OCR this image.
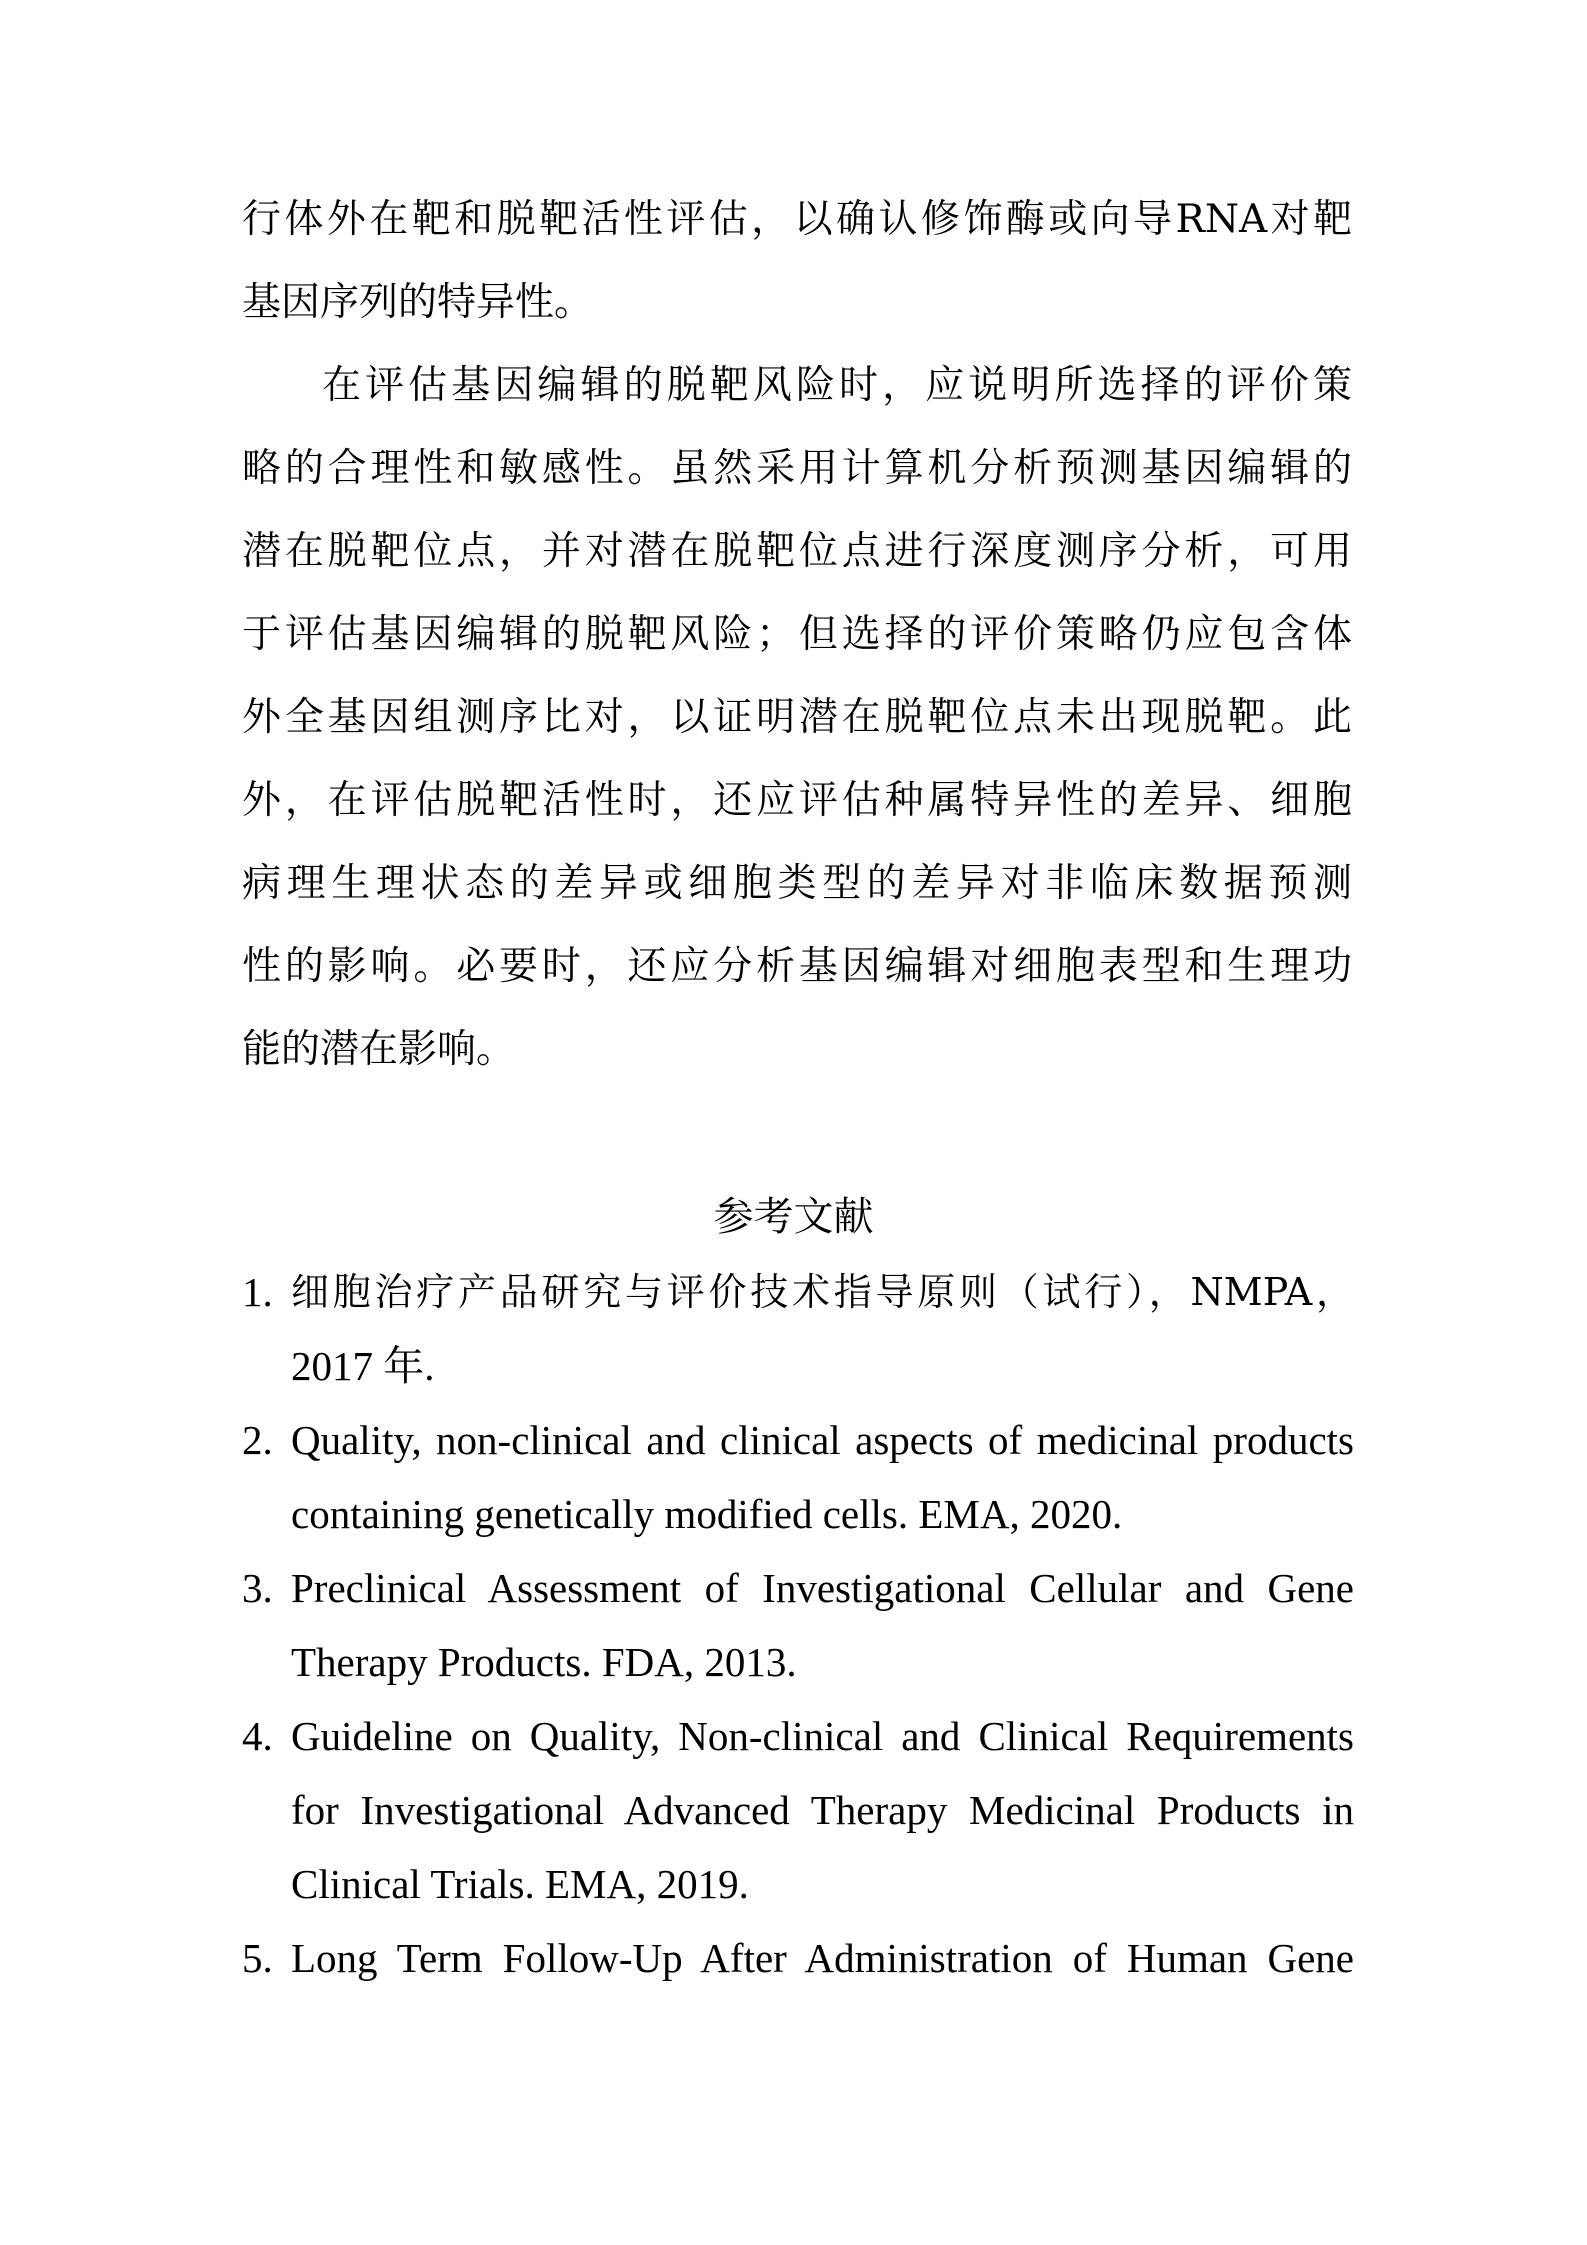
行体外在靶和脱靶活性评估，以确认修饰酶或向导RNA对靶
基因序列的特异性。
在评估基因编辑的脱靶风险时，应说明所选择的评价策
略的合理性和敏感性。虽然采用计算机分析预测基因编辑的
潜在脱靶位点，并对潜在脱靶位点进行深度测序分析，可用
于评估基因编辑的脱靶风险；但选择的评价策略仍应包含体
外全基因组测序比对，以证明潜在脱靶位点未出现脱靶。此
外，在评估脱靶活性时，还应评估种属特异性的差异、细胞
病理生理状态的差异或细胞类型的差异对非临床数据预测
性的影响。必要时，还应分析基因编辑对细胞表型和生理功
能的潜在影响。
参考文献
1. 细胞治疗产品研究与评价技术指导原则（试行），NMPA，
2017 年.
2. Quality, non-clinical and clinical aspects of medicinal products
containing genetically modified cells. EMA, 2020.
3. Preclinical Assessment of Investigational Cellular and Gene
Therapy Products. FDA, 2013.
4. Guideline on Quality, Non-clinical and Clinical Requirements
for Investigational Advanced Therapy Medicinal Products in
Clinical Trials. EMA, 2019.
5. Long Term Follow-Up After Administration of Human Gene
